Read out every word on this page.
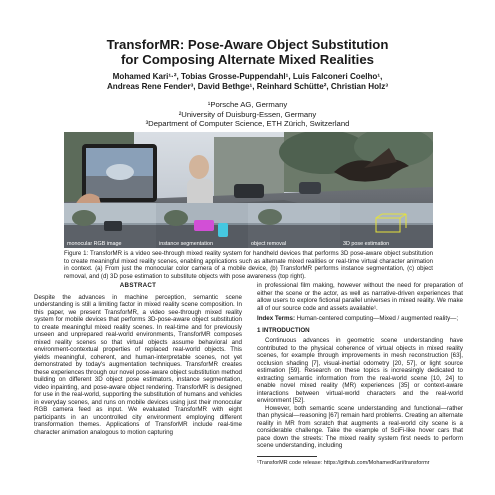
TransforMR: Pose-Aware Object Substitution
for Composing Alternate Mixed Realities
Mohamed Kari¹·², Tobias Grosse-Puppendahl¹, Luis Falconeri Coelho¹,
Andreas Rene Fender³, David Bethge¹, Reinhard Schütte², Christian Holz³
¹Porsche AG, Germany
²University of Duisburg-Essen, Germany
³Department of Computer Science, ETH Zürich, Switzerland
monocular RGB image	instance segmentation	object removal	3D pose estimation
Figure 1: TransforMR is a video see-through mixed reality system for handheld devices that performs 3D pose-aware object substitution to create meaningful mixed reality scenes, enabling applications such as alternate mixed realities or real-time virtual character animation in context. (a) From just the monocular color camera of a mobile device, (b) TransforMR performs instance segmentation, (c) object removal, and (d) 3D pose estimation to substitute objects with pose awareness (top right).
ABSTRACT

Despite the advances in machine perception, semantic scene understanding is still a limiting factor in mixed reality scene composition. In this paper, we present TransforMR, a video see-through mixed reality system for mobile devices that performs 3D-pose-aware object substitution to create meaningful mixed reality scenes. In real-time and for previously unseen and unprepared real-world environments, TransforMR composes mixed reality scenes so that virtual objects assume behavioral and environment-contextual properties of replaced real-world objects. This yields meaningful, coherent, and human-interpretable scenes, not yet demonstrated by today's augmentation techniques. TransforMR creates these experiences through our novel pose-aware object substitution method building on different 3D object pose estimators, instance segmentation, video inpainting, and pose-aware object rendering. TransforMR is designed for use in the real-world, supporting the substitution of humans and vehicles in everyday scenes, and runs on mobile devices using just their monocular RGB camera feed as input. We evaluated TransforMR with eight participants in an uncontrolled city environment employing different transformation themes. Applications of TransforMR include real-time character animation analogous to motion capturing

in professional film making, however without the need for preparation of either the scene or the actor, as well as narrative-driven experiences that allow users to explore fictional parallel universes in mixed reality. We make all of our source code and assets available¹.

Index Terms: Human-centered computing—Mixed / augmented reality—;

1 INTRODUCTION

Continuous advances in geometric scene understanding have contributed to the physical coherence of virtual objects in mixed reality scenes, for example through improvements in mesh reconstruction [63], occlusion shading [7], visual-inertial odometry [20, 57], or light source estimation [59]. Research on these topics is increasingly dedicated to extracting semantic information from the real-world scene [10, 24] to enable novel mixed reality (MR) experiences [35] or context-aware interactions between virtual-world characters and the real-world environment [52].

However, both semantic scene understanding and functional—rather than physical—reasoning [67] remain hard problems. Creating an alternate reality in MR from scratch that augments a real-world city scene is a considerable challenge. Take the example of SciFi-like hover cars that pace down the streets: The mixed reality system first needs to perform scene understanding, including

¹TransforMR code release: https://github.com/MohamedKari/transformr
